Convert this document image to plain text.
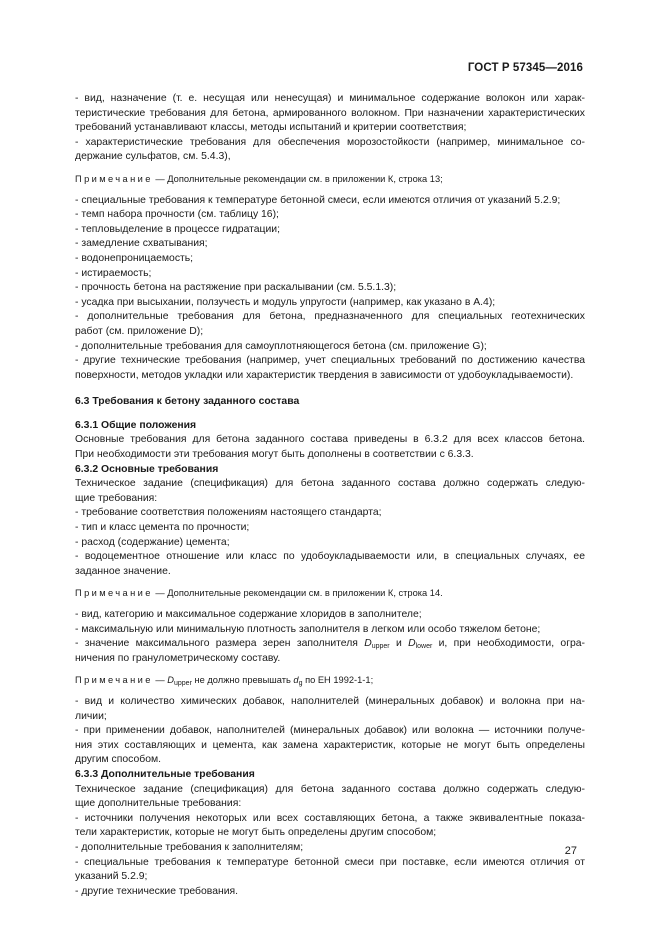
ГОСТ Р 57345—2016

- вид, назначение (т. е. несущая или ненесущая) и минимальное содержание волокон или харак-

теристические требования для бетона, армированного волокном. При назначении характеристических

требований устанавливают классы, методы испытаний и критерии соответствия;

- характеристические требования для обеспечения морозостойкости (например, минимальное со-

держание сульфатов, см. 5.4.3),

Примечание — Дополнительные рекомендации см. в приложении К, строка 13;

- специальные требования к температуре бетонной смеси, если имеются отличия от указаний 5.2.9;

- темп набора прочности (см. таблицу 16);

- тепловыделение в процессе гидратации;

- замедление схватывания;

- водонепроницаемость;

- истираемость;

- прочность бетона на растяжение при раскалывании (см. 5.5.1.3);

- усадка при высыхании, ползучесть и модуль упругости (например, как указано в А.4);

- дополнительные требования для бетона, предназначенного для специальных геотехнических

работ (см. приложение D);

- дополнительные требования для самоуплотняющегося бетона (см. приложение G);

- другие технические требования (например, учет специальных требований по достижению качества

поверхности, методов укладки или характеристик твердения в зависимости от удобоукладываемости).

6.3 Требования к бетону заданного состава
6.3.1 Общие положения

Основные требования для бетона заданного состава приведены в 6.3.2 для всех классов бетона.

При необходимости эти требования могут быть дополнены в соответствии с 6.3.3.

6.3.2 Основные требования

Техническое задание (спецификация) для бетона заданного состава должно содержать следую-

щие требования:

- требование соответствия положениям настоящего стандарта;

- тип и класс цемента по прочности;

- расход (содержание) цемента;

- водоцементное отношение или класс по удобоукладываемости или, в специальных случаях, ее

заданное значение.

Примечание — Дополнительные рекомендации см. в приложении К, строка 14.

- вид, категорию и максимальное содержание хлоридов в заполнителе;

- максимальную или минимальную плотность заполнителя в легком или особо тяжелом бетоне;

- значение максимального размера зерен заполнителя $D_{upper}$ и $D_{lower}$ и, при необходимости, огра-

ничения по гранулометрическому составу.

Примечание — $D_{upper}$ не должно превышать $d_g$ по ЕН 1992-1-1;

- вид и количество химических добавок, наполнителей (минеральных добавок) и волокна при на-

личии;

- при применении добавок, наполнителей (минеральных добавок) или волокна — источники получе-

ния этих составляющих и цемента, как замена характеристик, которые не могут быть определены

другим способом.

6.3.3 Дополнительные требования

Техническое задание (спецификация) для бетона заданного состава должно содержать следую-

щие дополнительные требования:

- источники получения некоторых или всех составляющих бетона, а также эквивалентные показа-

тели характеристик, которые не могут быть определены другим способом;

- дополнительные требования к заполнителям;

- специальные требования к температуре бетонной смеси при поставке, если имеются отличия от

указаний 5.2.9;

- другие технические требования.

27
